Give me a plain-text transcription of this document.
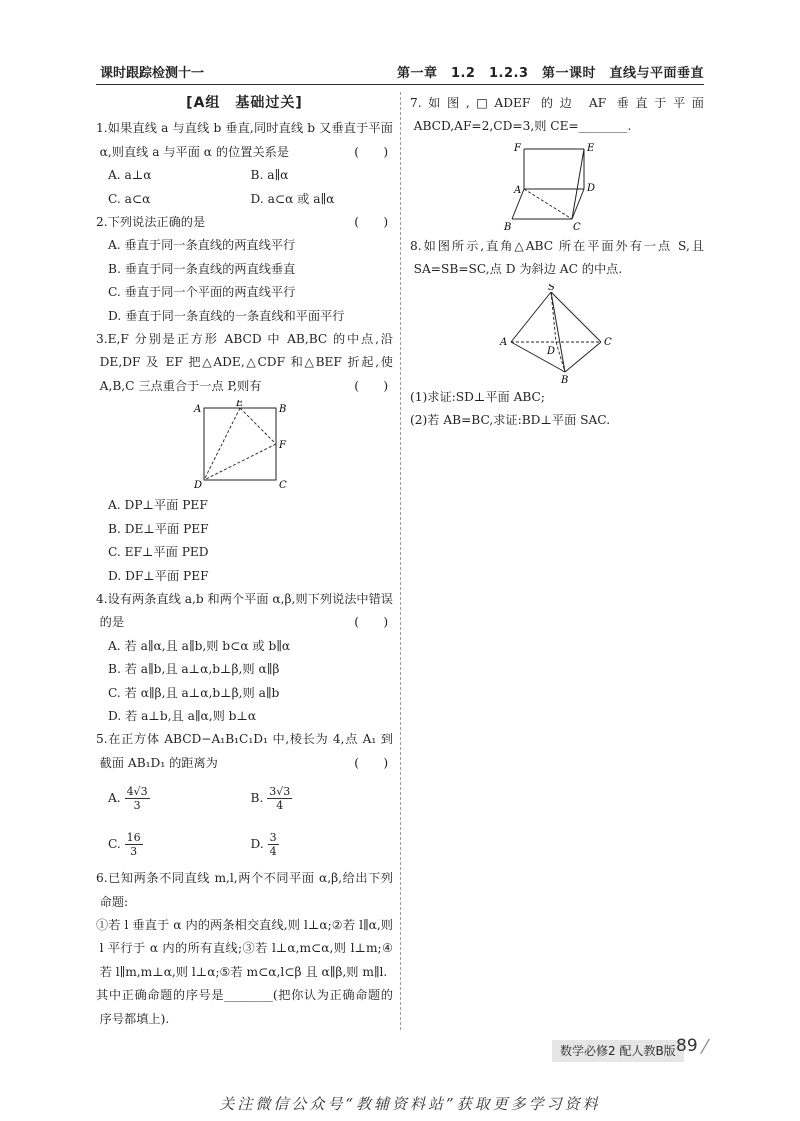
课时跟踪检测十一	第一章　1.2　1.2.3　第一课时　直线与平面垂直
[A组　基础过关]

1.如果直线 a 与直线 b 垂直,同时直线 b 又垂直于平面 α,则直线 a 与平面 α 的位置关系是	(　　)

A. a⊥α	B. a∥α
C. a⊂α	D. a⊂α 或 a∥α

2.下列说法正确的是	(　　)

A. 垂直于同一条直线的两直线平行
B. 垂直于同一条直线的两直线垂直
C. 垂直于同一个平面的两直线平行
D. 垂直于同一条直线的一条直线和平面平行

3.E,F 分别是正方形 ABCD 中 AB,BC 的中点,沿 DE,DF 及 EF 把△ADE,△CDF 和△BEF 折起,使 A,B,C 三点重合于一点 P,则有	(　　)

A
E
B
F
D	C
A. DP⊥平面 PEF
B. DE⊥平面 PEF
C. EF⊥平面 PED
D. DF⊥平面 PEF

4.设有两条直线 a,b 和两个平面 α,β,则下列说法中错误的是	(　　)

A. 若 a∥α,且 a∥b,则 b⊂α 或 b∥α
B. 若 a∥b,且 a⊥α,b⊥β,则 α∥β
C. 若 α∥β,且 a⊥α,b⊥β,则 a∥b
D. 若 a⊥b,且 a∥α,则 b⊥α

5.在正方体 ABCD−A₁B₁C₁D₁ 中,棱长为 4,点 A₁ 到截面 AB₁D₁ 的距离为	(　　)

A. $\frac{4√3}{3}$	B. $\frac{3√3}{4}$
C. $\frac{16}{3}$	D. $\frac{3}{4}$

6.已知两条不同直线 m,l,两个不同平面 α,β,给出下列命题:

①若 l 垂直于 α 内的两条相交直线,则 l⊥α;②若 l∥α,则 l 平行于 α 内的所有直线;③若 l⊥α,m⊂α,则 l⊥m;④若 l∥m,m⊥α,则 l⊥α;⑤若 m⊂α,l⊂β 且 α∥β,则 m∥l.

其中正确命题的序号是________(把你认为正确命题的序号都填上).

7.如图,□ADEF 的边 AF 垂直于平面 ABCD,AF=2,CD=3,则 CE=________.

F	E
A	D
B	C

8.如图所示,直角△ABC 所在平面外有一点 S,且 SA=SB=SC,点 D 为斜边 AC 的中点.

S
A
D
C
B

(1)求证:SD⊥平面 ABC;

(2)若 AB=BC,求证:BD⊥平面 SAC.

数学必修2 配人教B版 89 /
关注微信公众号“教辅资料站”获取更多学习资料
